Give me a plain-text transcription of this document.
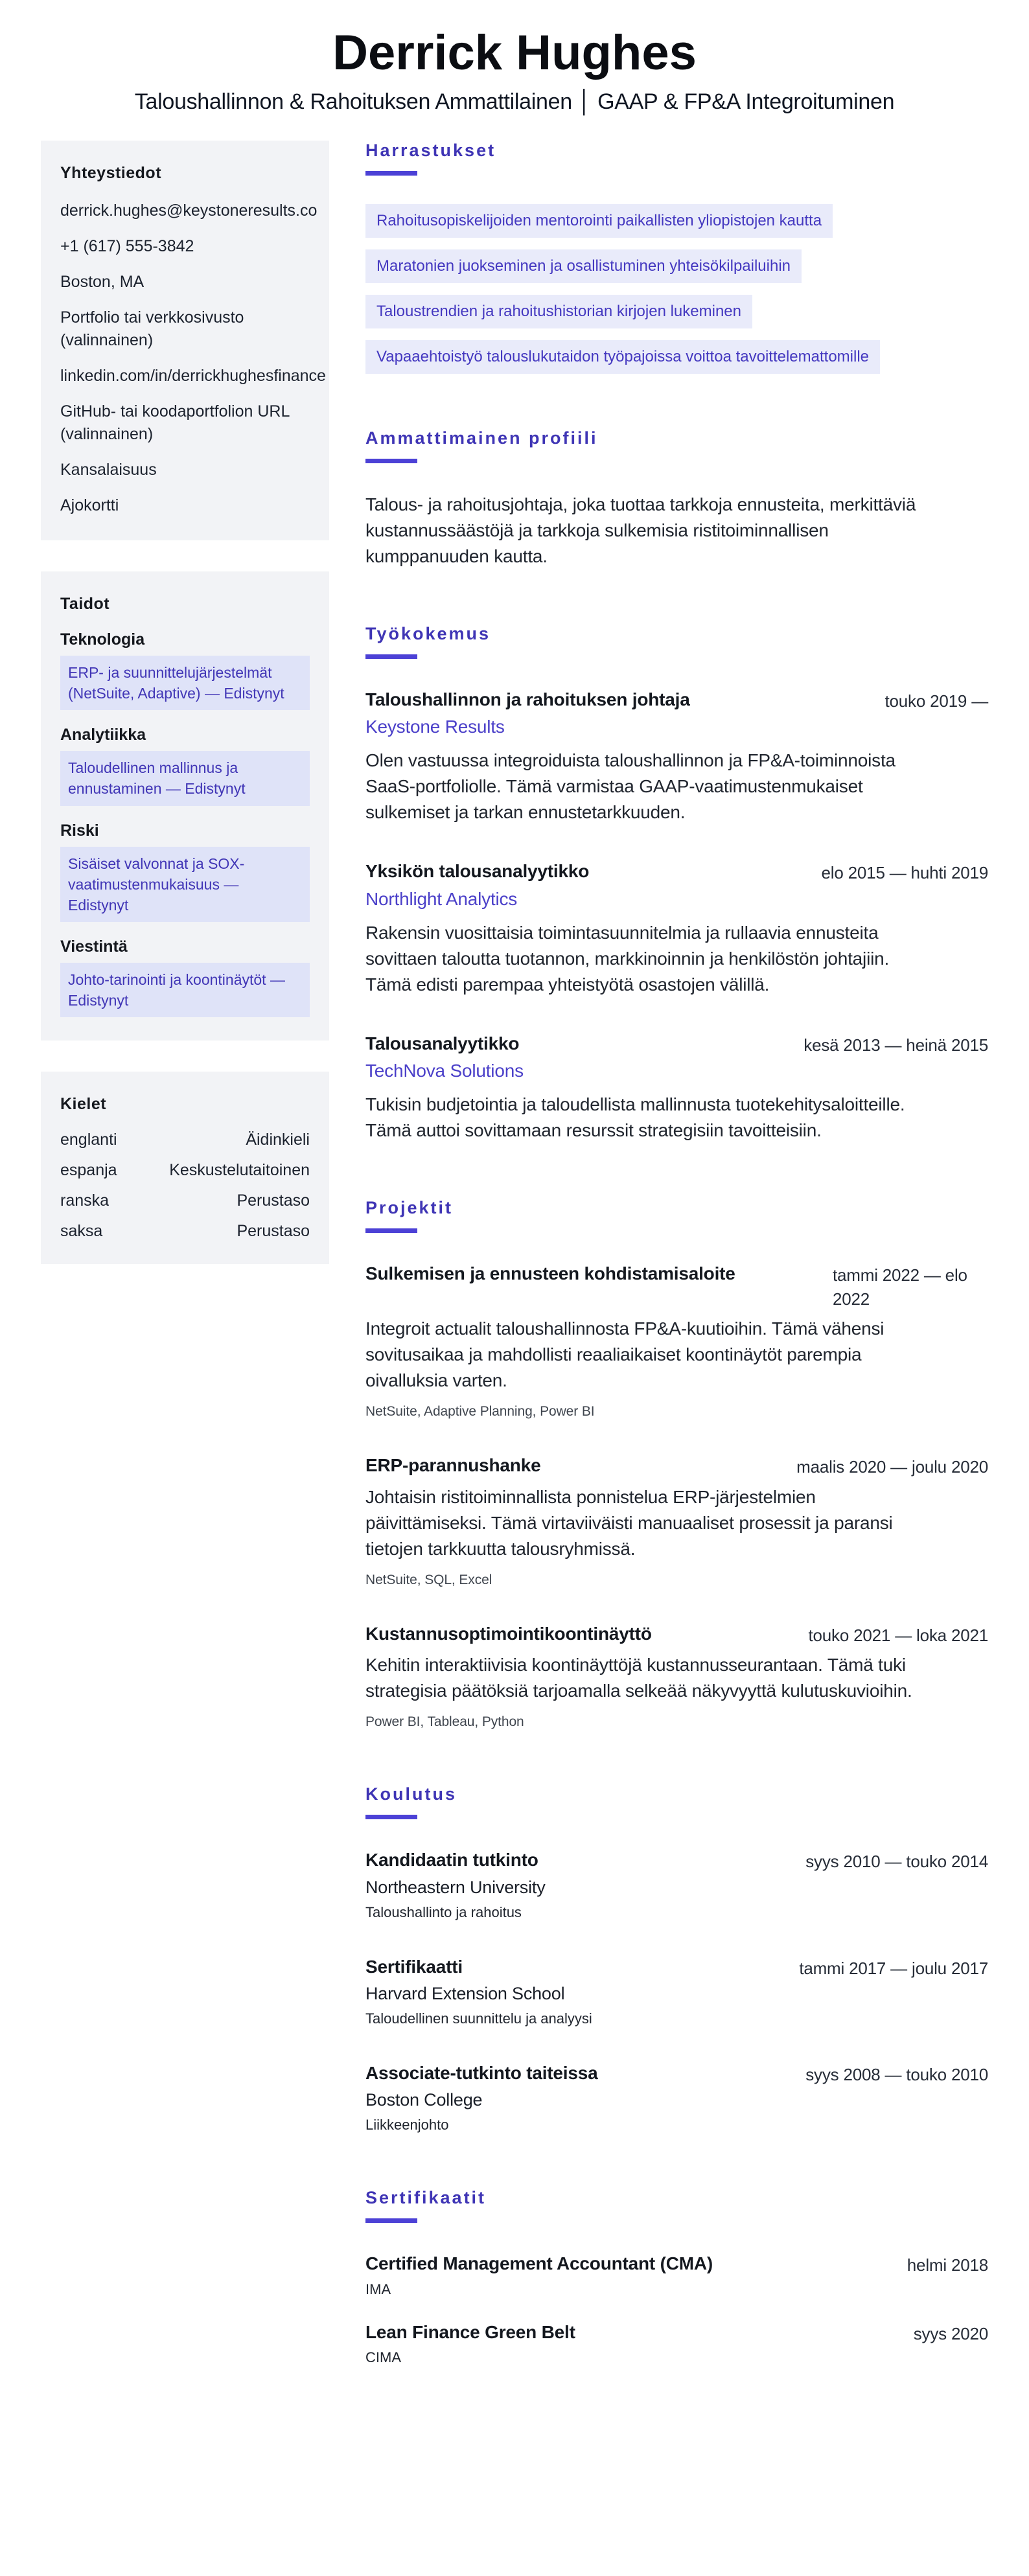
Derrick Hughes
Taloushallinnon & Rahoituksen Ammattilainen │ GAAP & FP&A Integroituminen
Yhteystiedot
derrick.hughes@keystoneresults.co
+1 (617) 555-3842
Boston, MA
Portfolio tai verkkosivusto (valinnainen)
linkedin.com/in/derrickhughesfinance
GitHub- tai koodaportfolion URL (valinnainen)
Kansalaisuus
Ajokortti
Taidot
Teknologia
ERP- ja suunnittelujärjestelmät (NetSuite, Adaptive) — Edistynyt
Analytiikka
Taloudellinen mallinnus ja ennustaminen — Edistynyt
Riski
Sisäiset valvonnat ja SOX-vaatimustenmukaisuus — Edistynyt
Viestintä
Johto-tarinointi ja koontinäytöt — Edistynyt
Kielet
englanti	Äidinkieli
espanja	Keskustelutaitoinen
ranska	Perustaso
saksa	Perustaso
Harrastukset
Rahoitusopiskelijoiden mentorointi paikallisten yliopistojen kautta
Maratonien juokseminen ja osallistuminen yhteisökilpailuihin
Taloustrendien ja rahoitushistorian kirjojen lukeminen
Vapaaehtoistyö talouslukutaidon työpajoissa voittoa tavoittelemattomille
Ammattimainen profiili

Talous- ja rahoitusjohtaja, joka tuottaa tarkkoja ennusteita, merkittäviä kustannussäästöjä ja tarkkoja sulkemisia ristitoiminnallisen kumppanuuden kautta.

Työkokemus
Taloushallinnon ja rahoituksen johtaja	touko 2019 —
Keystone Results

Olen vastuussa integroiduista taloushallinnon ja FP&A-toiminnoista SaaS-portfoliolle. Tämä varmistaa GAAP-vaatimustenmukaiset sulkemiset ja tarkan ennustetarkkuuden.

Yksikön talousanalyytikko	elo 2015 — huhti 2019
Northlight Analytics

Rakensin vuosittaisia toimintasuunnitelmia ja rullaavia ennusteita sovittaen taloutta tuotannon, markkinoinnin ja henkilöstön johtajiin. Tämä edisti parempaa yhteistyötä osastojen välillä.

Talousanalyytikko	kesä 2013 — heinä 2015
TechNova Solutions

Tukisin budjetointia ja taloudellista mallinnusta tuotekehitysaloitteille. Tämä auttoi sovittamaan resurssit strategisiin tavoitteisiin.

Projektit
Sulkemisen ja ennusteen kohdistamisaloite	tammi 2022 — elo 2022

Integroit actualit taloushallinnosta FP&A-kuutioihin. Tämä vähensi sovitusaikaa ja mahdollisti reaaliaikaiset koontinäytöt parempia oivalluksia varten.

NetSuite, Adaptive Planning, Power BI
ERP-parannushanke	maalis 2020 — joulu 2020

Johtaisin ristitoiminnallista ponnistelua ERP-järjestelmien päivittämiseksi. Tämä virtaviiväisti manuaaliset prosessit ja paransi tietojen tarkkuutta talousryhmissä.

NetSuite, SQL, Excel
Kustannusoptimointikoontinäyttö	touko 2021 — loka 2021

Kehitin interaktiivisia koontinäyttöjä kustannusseurantaan. Tämä tuki strategisia päätöksiä tarjoamalla selkeää näkyvyyttä kulutuskuvioihin.

Power BI, Tableau, Python
Koulutus
Kandidaatin tutkinto	syys 2010 — touko 2014
Northeastern University
Taloushallinto ja rahoitus
Sertifikaatti	tammi 2017 — joulu 2017
Harvard Extension School
Taloudellinen suunnittelu ja analyysi
Associate-tutkinto taiteissa	syys 2008 — touko 2010
Boston College
Liikkeenjohto
Sertifikaatit
Certified Management Accountant (CMA)	helmi 2018
IMA
Lean Finance Green Belt	syys 2020
CIMA
